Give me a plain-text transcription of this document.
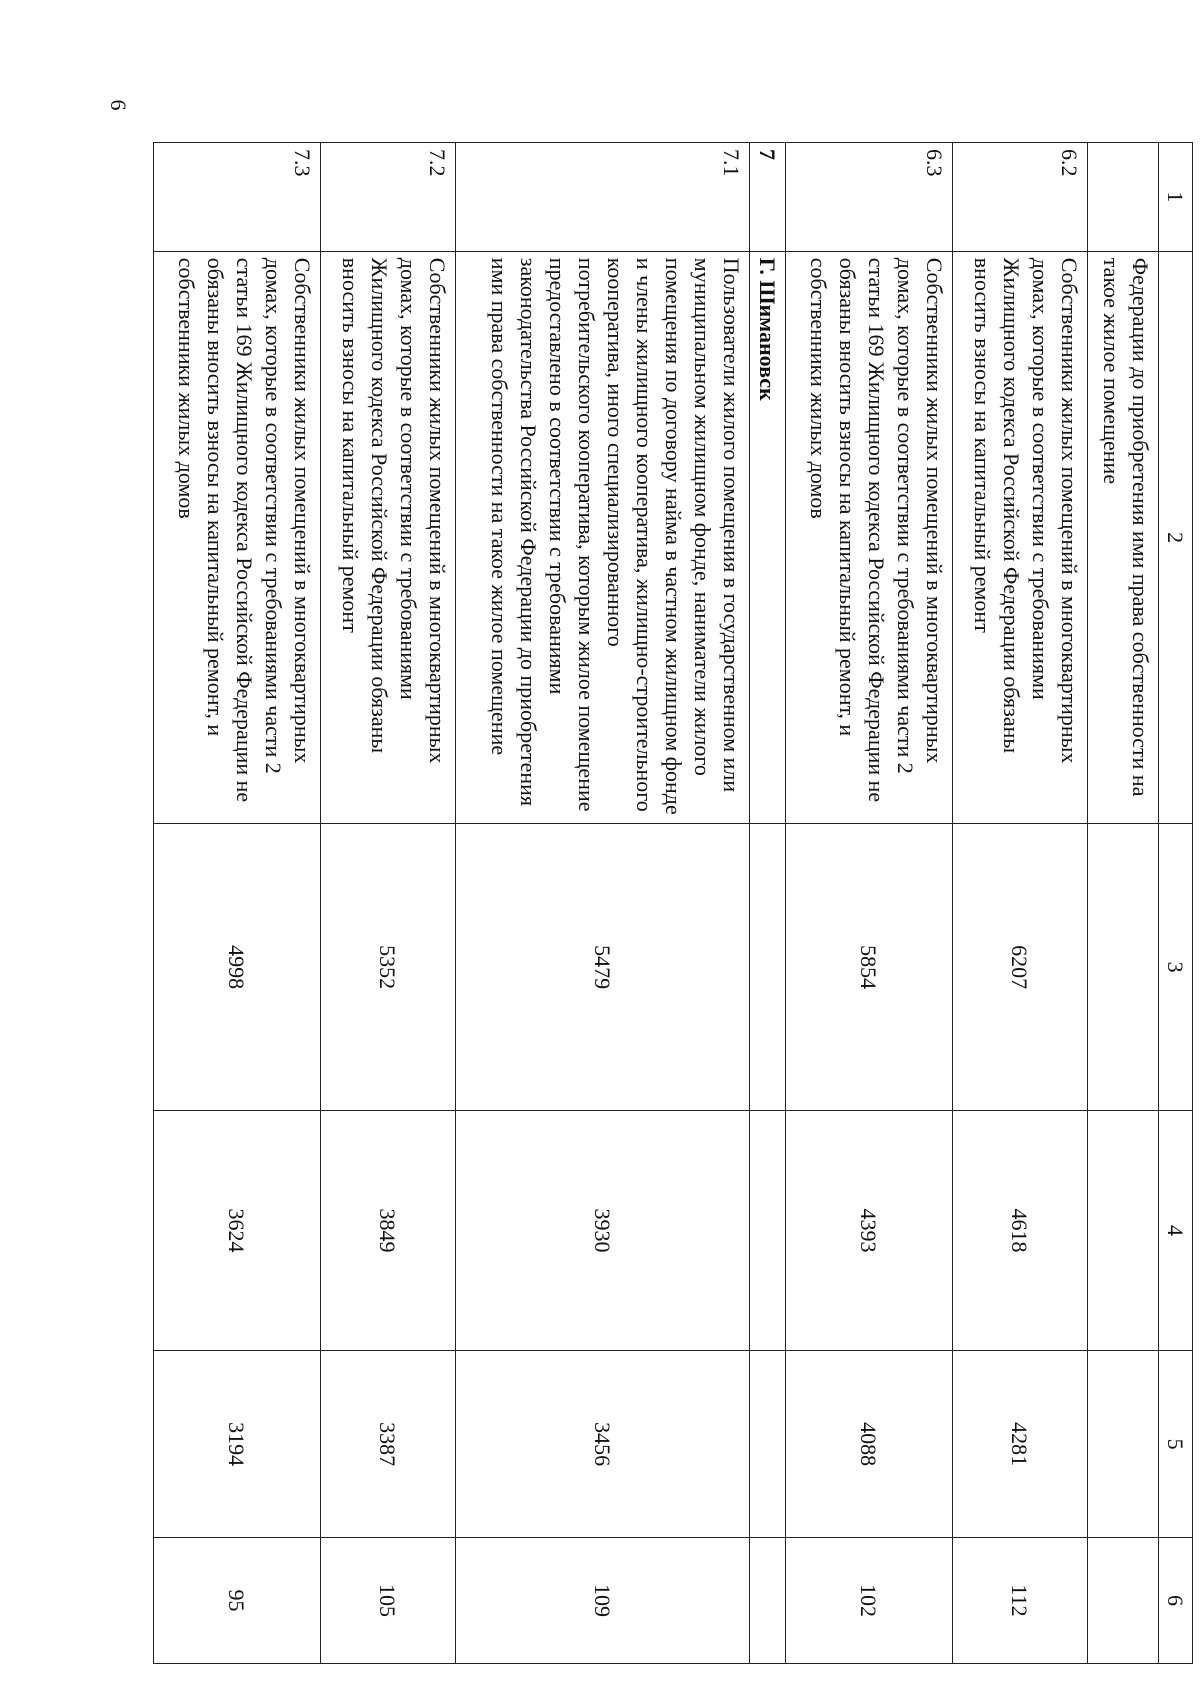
6
1	2	3	4	5	6
	Федерации до приобретения ими права собственности на такое жилое помещение				
6.2	Собственники жилых помещений в многоквартирных домах, которые в соответствии с требованиями Жилищного кодекса Российской Федерации обязаны вносить взносы на капитальный ремонт	6207	4618	4281	112
6.3	Собственники жилых помещений в многоквартирных домах, которые в соответствии с требованиями части 2 статьи 169 Жилищного кодекса Российской Федерации не обязаны вносить взносы на капитальный ремонт, и собственники жилых домов	5854	4393	4088	102
7	Г. Шимановск				
7.1	Пользователи жилого помещения в государственном или муниципальном жилищном фонде, наниматели жилого помещения по договору найма в частном жилищном фонде и члены жилищного кооператива, жилищно-строительного кооператива, иного специализированного потребительского кооператива, которым жилое помещение предоставлено в соответствии с требованиями законодательства Российской Федерации до приобретения ими права собственности на такое жилое помещение	5479	3930	3456	109
7.2	Собственники жилых помещений в многоквартирных домах, которые в соответствии с требованиями Жилищного кодекса Российской Федерации обязаны вносить взносы на капитальный ремонт	5352	3849	3387	105
7.3	Собственники жилых помещений в многоквартирных домах, которые в соответствии с требованиями части 2 статьи 169 Жилищного кодекса Российской Федерации не обязаны вносить взносы на капитальный ремонт, и собственники жилых домов	4998	3624	3194	95
